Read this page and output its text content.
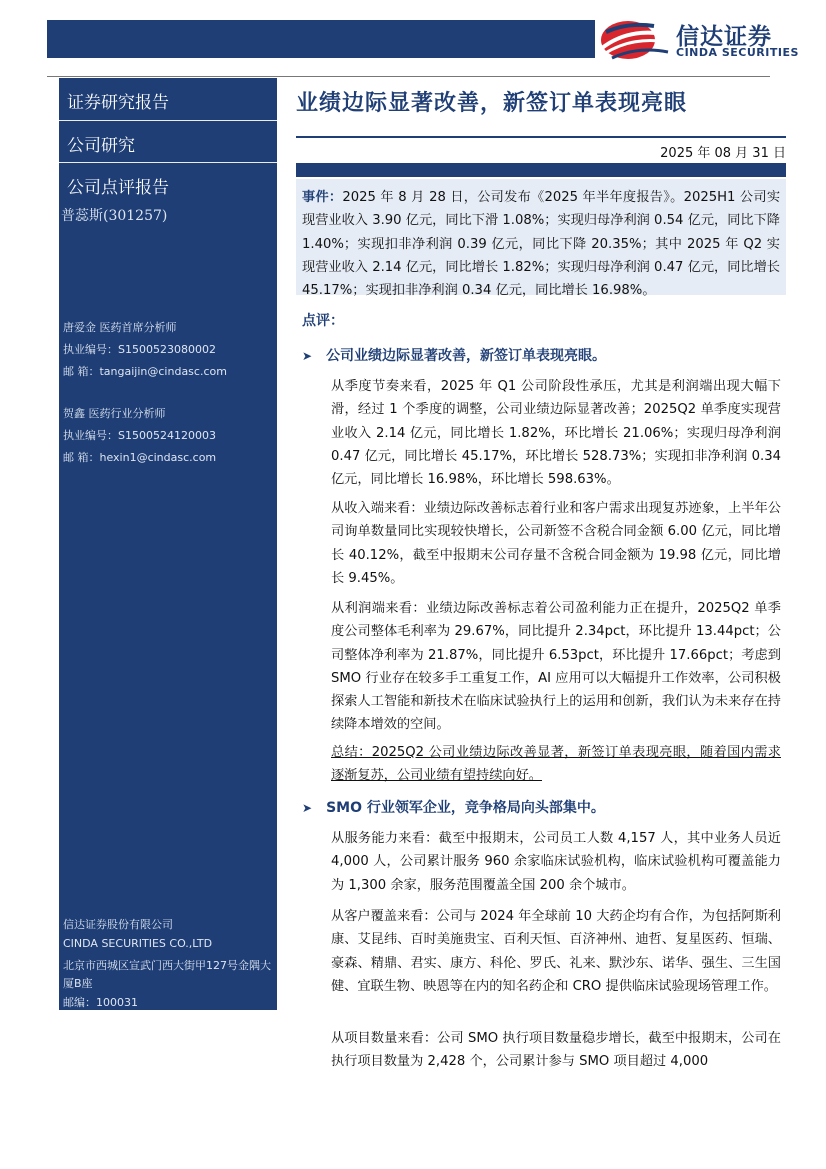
信达证券
CINDA SECURITIES
证券研究报告
公司研究
公司点评报告
普蕊斯(301257)
唐爱金 医药首席分析师
执业编号：S1500523080002
邮 箱：tangaijin@cindasc.com
贺鑫 医药行业分析师
执业编号：S1500524120003
邮 箱：hexin1@cindasc.com
信达证券股份有限公司
CINDA SECURITIES CO.,LTD
北京市西城区宣武门西大街甲127号金隅大厦B座
邮编：100031
业绩边际显著改善，新签订单表现亮眼
2025 年 08 月 31 日

事件：2025 年 8 月 28 日，公司发布《2025 年半年度报告》。2025H1 公司实现营业收入 3.90 亿元，同比下滑 1.08%；实现归母净利润 0.54 亿元，同比下降 1.40%；实现扣非净利润 0.39 亿元，同比下降 20.35%；其中 2025 年 Q2 实现营业收入 2.14 亿元，同比增长 1.82%；实现归母净利润 0.47 亿元，同比增长 45.17%；实现扣非净利润 0.34 亿元，同比增长 16.98%。

点评：
➤ 公司业绩边际显著改善，新签订单表现亮眼。

从季度节奏来看，2025 年 Q1 公司阶段性承压，尤其是利润端出现大幅下滑，经过 1 个季度的调整，公司业绩边际显著改善；2025Q2 单季度实现营业收入 2.14 亿元，同比增长 1.82%，环比增长 21.06%；实现归母净利润 0.47 亿元，同比增长 45.17%，环比增长 528.73%；实现扣非净利润 0.34 亿元，同比增长 16.98%，环比增长 598.63%。

从收入端来看：业绩边际改善标志着行业和客户需求出现复苏迹象，上半年公司询单数量同比实现较快增长，公司新签不含税合同金额 6.00 亿元，同比增长 40.12%，截至中报期末公司存量不含税合同金额为 19.98 亿元，同比增长 9.45%。

从利润端来看：业绩边际改善标志着公司盈利能力正在提升，2025Q2 单季度公司整体毛利率为 29.67%，同比提升 2.34pct，环比提升 13.44pct；公司整体净利率为 21.87%，同比提升 6.53pct，环比提升 17.66pct；考虑到 SMO 行业存在较多手工重复工作，AI 应用可以大幅提升工作效率，公司积极探索人工智能和新技术在临床试验执行上的运用和创新，我们认为未来存在持续降本增效的空间。

总结：2025Q2 公司业绩边际改善显著，新签订单表现亮眼，随着国内需求逐渐复苏，公司业绩有望持续向好。

➤ SMO 行业领军企业，竞争格局向头部集中。

从服务能力来看：截至中报期末，公司员工人数 4,157 人，其中业务人员近 4,000 人，公司累计服务 960 余家临床试验机构，临床试验机构可覆盖能力为 1,300 余家，服务范围覆盖全国 200 余个城市。

从客户覆盖来看：公司与 2024 年全球前 10 大药企均有合作，为包括阿斯利康、艾昆纬、百时美施贵宝、百利天恒、百济神州、迪哲、复星医药、恒瑞、豪森、精鼎、君实、康方、科伦、罗氏、礼来、默沙东、诺华、强生、三生国健、宜联生物、映恩等在内的知名药企和 CRO 提供临床试验现场管理工作。

从项目数量来看：公司 SMO 执行项目数量稳步增长，截至中报期末，公司在执行项目数量为 2,428 个，公司累计参与 SMO 项目超过 4,000
